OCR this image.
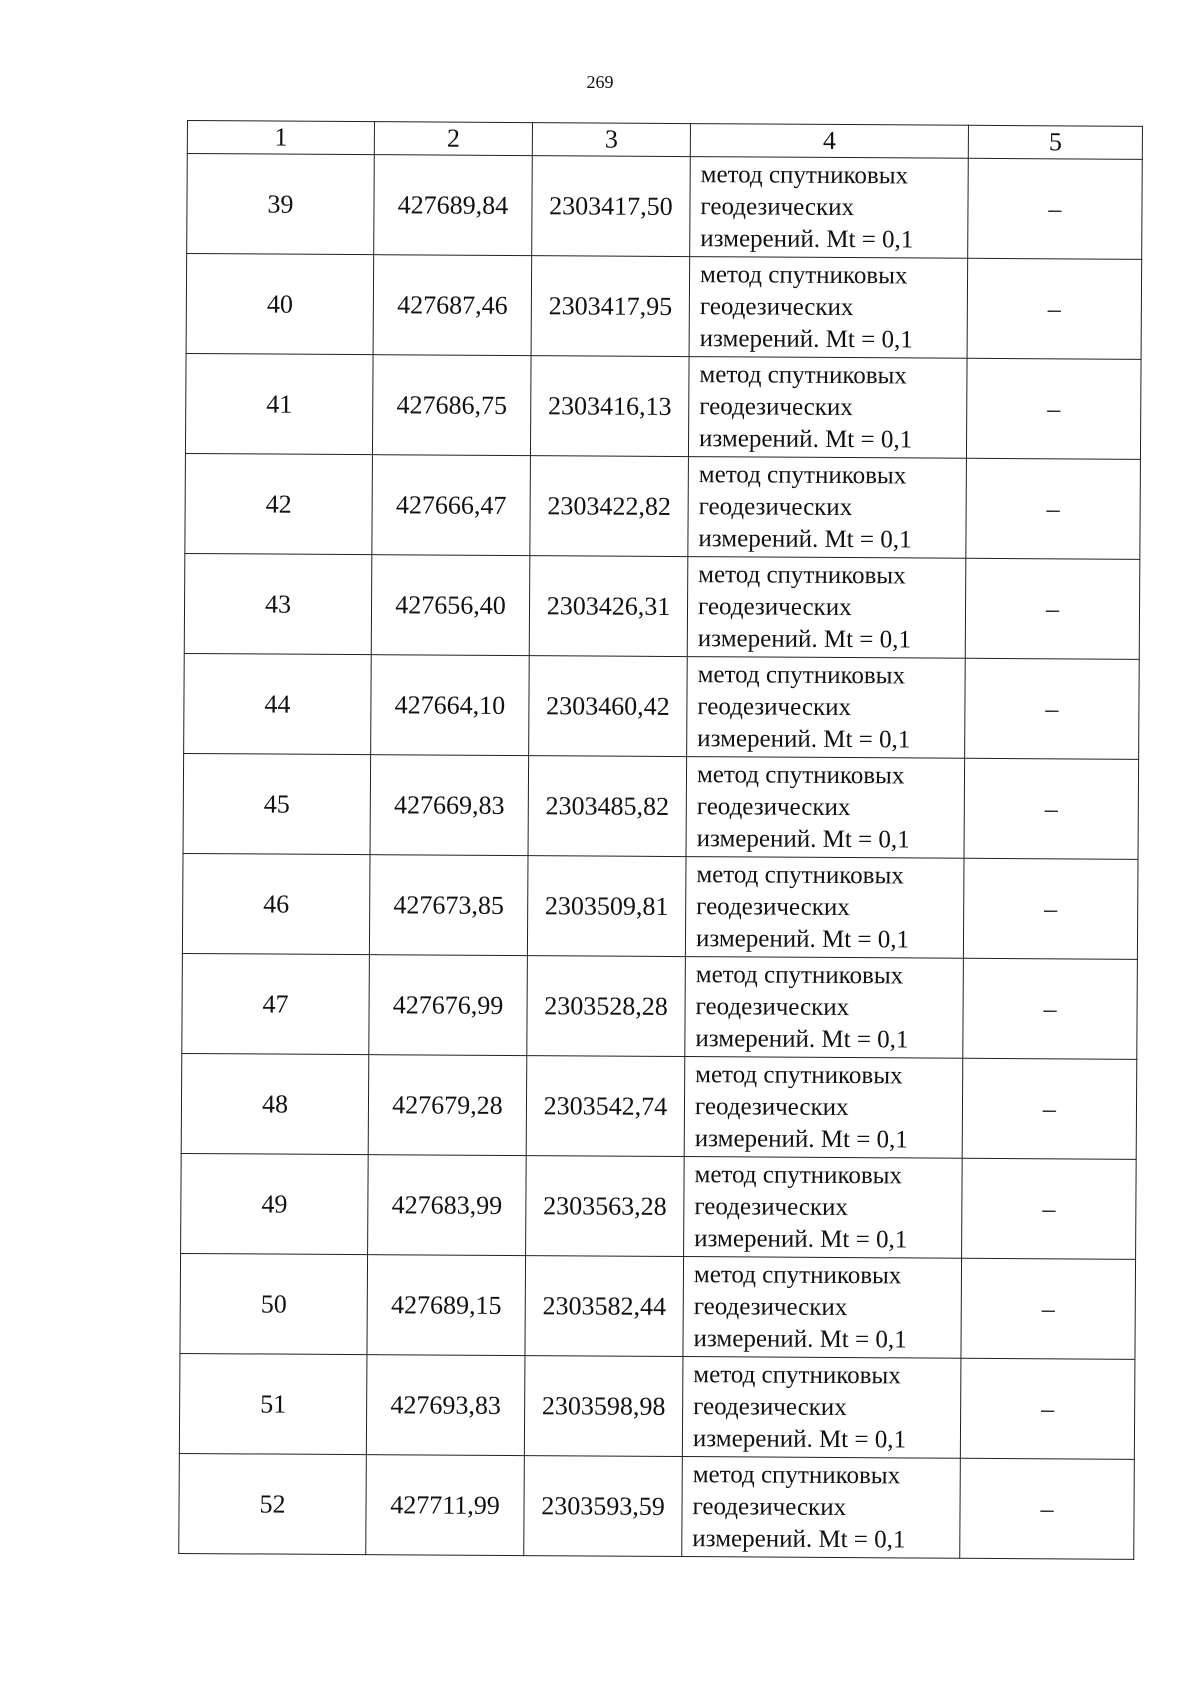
269
1	2	3	4	5
39	427689,84	2303417,50	метод спутниковых
геодезических
измерений. Mt = 0,1	–
40	427687,46	2303417,95	метод спутниковых
геодезических
измерений. Mt = 0,1	–
41	427686,75	2303416,13	метод спутниковых
геодезических
измерений. Mt = 0,1	–
42	427666,47	2303422,82	метод спутниковых
геодезических
измерений. Mt = 0,1	–
43	427656,40	2303426,31	метод спутниковых
геодезических
измерений. Mt = 0,1	–
44	427664,10	2303460,42	метод спутниковых
геодезических
измерений. Mt = 0,1	–
45	427669,83	2303485,82	метод спутниковых
геодезических
измерений. Mt = 0,1	–
46	427673,85	2303509,81	метод спутниковых
геодезических
измерений. Mt = 0,1	–
47	427676,99	2303528,28	метод спутниковых
геодезических
измерений. Mt = 0,1	–
48	427679,28	2303542,74	метод спутниковых
геодезических
измерений. Mt = 0,1	–
49	427683,99	2303563,28	метод спутниковых
геодезических
измерений. Mt = 0,1	–
50	427689,15	2303582,44	метод спутниковых
геодезических
измерений. Mt = 0,1	–
51	427693,83	2303598,98	метод спутниковых
геодезических
измерений. Mt = 0,1	–
52	427711,99	2303593,59	метод спутниковых
геодезических
измерений. Mt = 0,1	–
